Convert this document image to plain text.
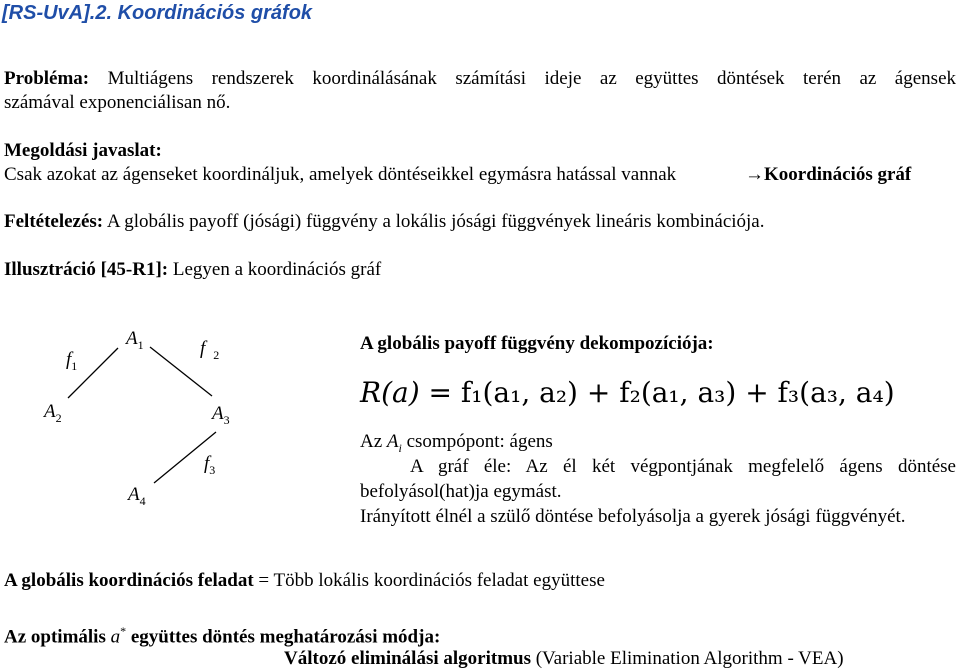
[RS-UvA].2. Koordinációs gráfok
Probléma: Multiágens rendszerek koordinálásának számítási ideje az együttes döntések terén az ágensek
számával exponenciálisan nő.
Megoldási javaslat:
Csak azokat az ágenseket koordináljuk, amelyek döntéseikkel egymásra hatással vannak	→Koordinációs gráf
Feltételezés: A globális payoff (jósági) függvény a lokális jósági függvények lineáris kombinációja.
Illusztráció [45-R1]: Legyen a koordinációs gráf
$A_1$
$A_2$	$A_3$
$A_4$
$f_1$
f $_2$
$f_3$
A globális payoff függvény dekompozíciója:
R(a) = f₁(a₁, a₂) + f₂(a₁, a₃) + f₃(a₃, a₄)
Az $A_i$ csompópont: ágens
A gráf éle: Az él két végpontjának megfelelő ágens döntése
befolyásol(hat)ja egymást.
Irányított élnél a szülő döntése befolyásolja a gyerek jósági függvényét.
A globális koordinációs feladat = Több lokális koordinációs feladat együttese
Az optimális a* együttes döntés meghatározási módja:
Változó eliminálási algoritmus (Variable Elimination Algorithm - VEA)
